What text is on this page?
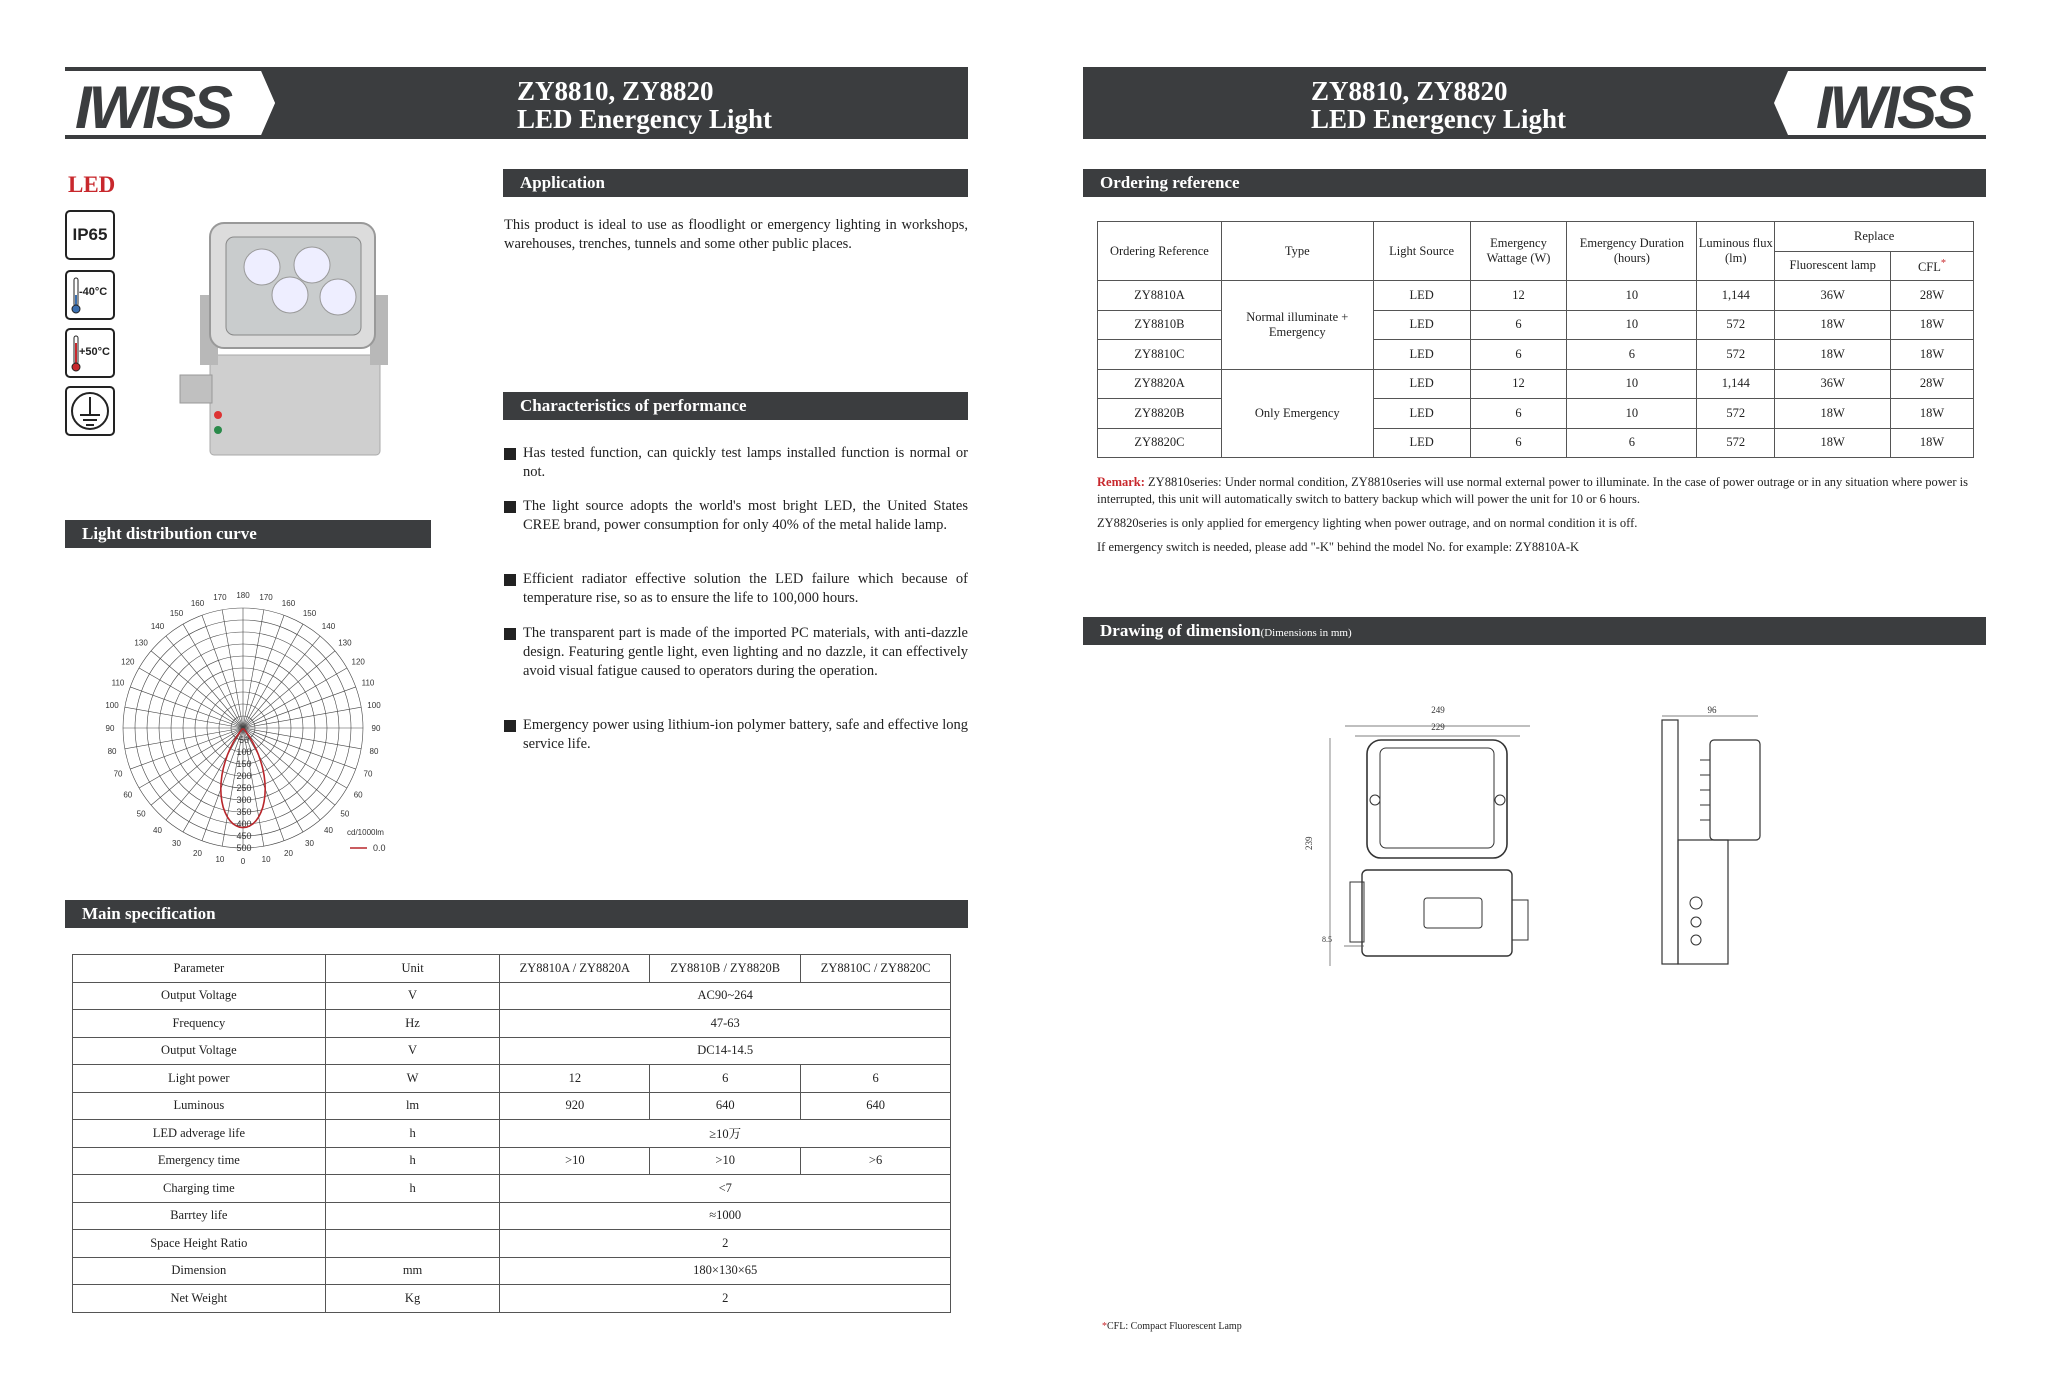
IWISS	ZY8810, ZY8820
LED Energency Light
LED
IP65
-40°C
+50°C
Application
This product is ideal to use as floodlight or emergency lighting in workshops, warehouses, trenches, tunnels and some other public places.
Characteristics of performance
Has tested function, can quickly test lamps installed function is normal or not.
The light source adopts the world's most bright LED, the United States CREE brand, power consumption for only 40% of the metal halide lamp.
Efficient radiator effective solution the LED failure which because of temperature rise, so as to ensure the life to 100,000 hours.
The transparent part is made of the imported PC materials, with anti-dazzle design. Featuring gentle light, even lighting and no dazzle, it can effectively avoid visual fatigue caused to operators during the operation.
Emergency power using lithium-ion polymer battery, safe and effective long service life.
Light distribution curve
180
170	170
160	160
150	150
140	140
130	130
120	120
110	110
100	100
90	90
80	80
70	70
60	60
50	50
40	40
30	30
20	20
10	10
0
50
100
150
200
250
300
350
400
450
500
cd/1000lm
0.0
Main specification
Parameter	Unit	ZY8810A / ZY8820A	ZY8810B / ZY8820B	ZY8810C / ZY8820C
Output Voltage	V	AC90~264		
Frequency	Hz	47-63		
Output Voltage	V	DC14-14.5		
Light power	W	12	6	6
Luminous	lm	920	640	640
LED adverage life	h	≥10万		
Emergency time	h	>10	>10	>6
Charging time	h	<7		
Barrtey life		≈1000		
Space Height Ratio		2		
Dimension	mm	180×130×65		
Net Weight	Kg	2		
IWISS
ZY8810, ZY8820
LED Energency Light
Ordering reference
Ordering Reference	Type	Light Source	Emergency Wattage (W)	Emergency Duration (hours)	Luminous flux (lm)	Replace	
						Fluorescent lamp	CFL*
ZY8810A	Normal illuminate + Emergency	LED	12	10	1,144	36W	28W
ZY8810B		LED	6	10	572	18W	18W
ZY8810C		LED	6	6	572	18W	18W
ZY8820A	Only Emergency	LED	12	10	1,144	36W	28W
ZY8820B		LED	6	10	572	18W	18W
ZY8820C		LED	6	6	572	18W	18W
Remark: ZY8810series: Under normal condition, ZY8810series will use normal external power to illuminate. In the case of power outrage or in any situation where power is interrupted, this unit will automatically switch to battery backup which will power the unit for 10 or 6 hours.
ZY8820series is only applied for emergency lighting when power outrage, and on normal condition it is off.
If emergency switch is needed, please add "-K" behind the model No. for example: ZY8810A-K
Drawing of dimension(Dimensions in mm)
249
229
239
8.5
96
*CFL: Compact Fluorescent Lamp
